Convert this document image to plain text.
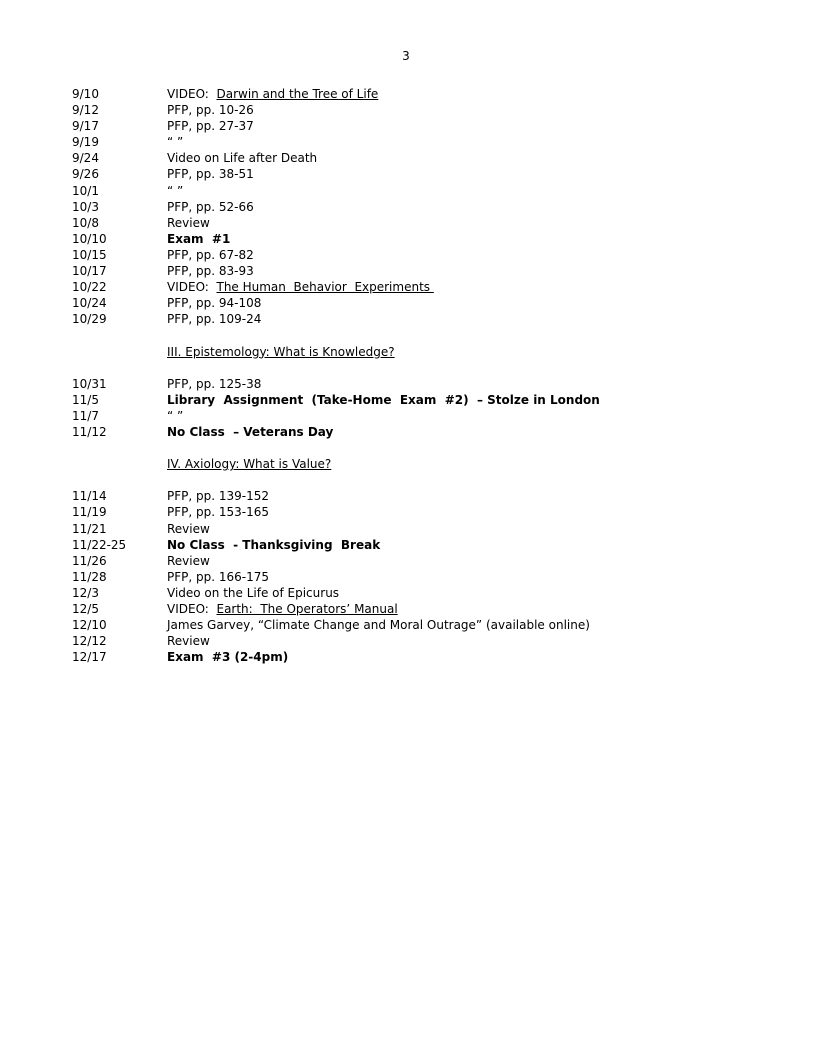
3
9/10	VIDEO:  Darwin and the Tree of Life
9/12	PFP, pp. 10-26
9/17	PFP, pp. 27-37
9/19	“ ”
9/24	Video on Life after Death
9/26	PFP, pp. 38-51
10/1	“ ”
10/3	PFP, pp. 52-66
10/8	Review
10/10	Exam  #1
10/15	PFP, pp. 67-82
10/17	PFP, pp. 83-93
10/22	VIDEO:  The Human  Behavior  Experiments
10/24	PFP, pp. 94-108
10/29	PFP, pp. 109-24
III. Epistemology: What is Knowledge?
10/31	PFP, pp. 125-38
11/5	Library  Assignment  (Take-Home  Exam  #2)  – Stolze in London
11/7	“ ”
11/12	No Class  – Veterans Day
IV. Axiology: What is Value?
11/14	PFP, pp. 139-152
11/19	PFP, pp. 153-165
11/21	Review
11/22-25	No Class  - Thanksgiving  Break
11/26	Review
11/28	PFP, pp. 166-175
12/3	Video on the Life of Epicurus
12/5	VIDEO:  Earth:  The Operators’ Manual
12/10	James Garvey, “Climate Change and Moral Outrage” (available online)
12/12	Review
12/17	Exam  #3 (2-4pm)
